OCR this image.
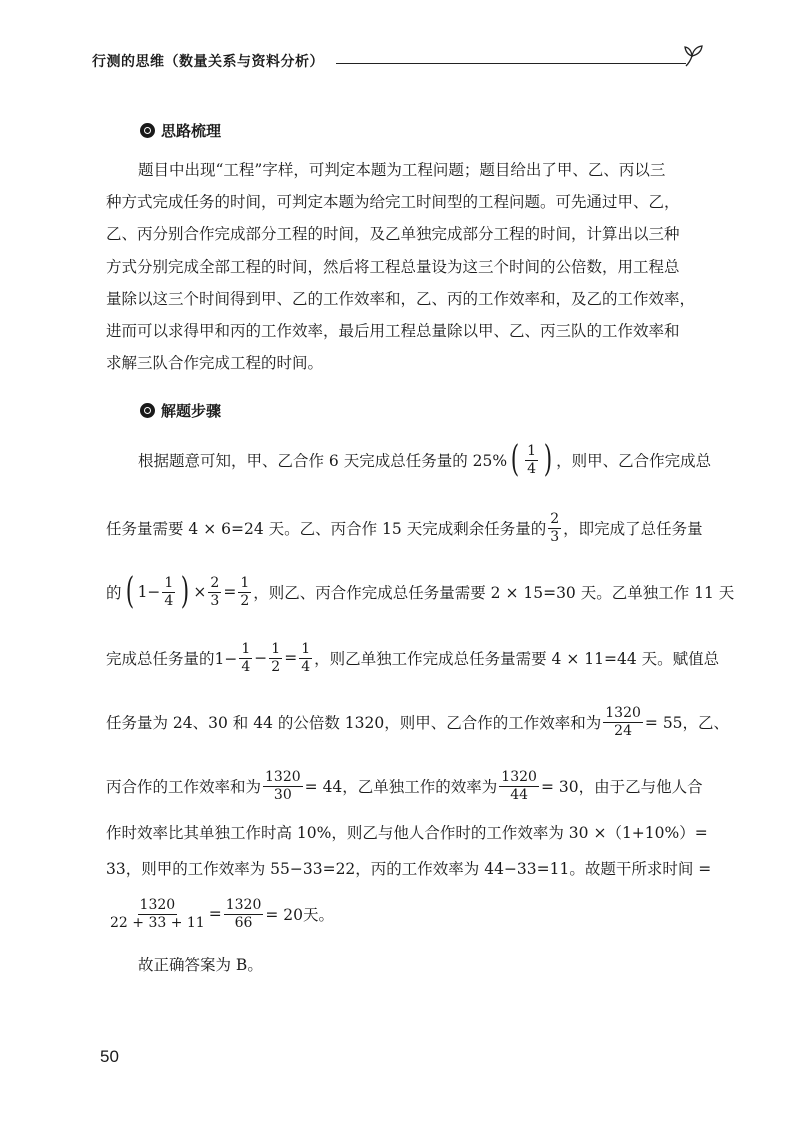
行测的思维（数量关系与资料分析）
思路梳理
题目中出现“工程”字样，可判定本题为工程问题；题目给出了甲、乙、丙以三
种方式完成任务的时间，可判定本题为给完工时间型的工程问题。可先通过甲、乙，
乙、丙分别合作完成部分工程的时间，及乙单独完成部分工程的时间，计算出以三种
方式分别完成全部工程的时间，然后将工程总量设为这三个时间的公倍数，用工程总
量除以这三个时间得到甲、乙的工作效率和，乙、丙的工作效率和，及乙的工作效率，
进而可以求得甲和丙的工作效率，最后用工程总量除以甲、乙、丙三队的工作效率和
求解三队合作完成工程的时间。
解题步骤
根据题意可知，甲、乙合作 6 天完成总任务量的 25% ( $\frac{1}{4}$ ) ，则甲、乙合作完成总
任务量需要 4 × 6=24 天。乙、丙合作 15 天完成剩余任务量的 $\frac{2}{3}$ ，即完成了总任务量
的 ( $1- \frac{1}{4}$ ) × $\frac{2}{3} = \frac{1}{2}$ ，则乙、丙合作完成总任务量需要 2 × 15=30 天。乙单独工作 11 天
完成总任务量的$1- \frac{1}{4} - \frac{1}{2} = \frac{1}{4}$ ，则乙单独工作完成总任务量需要 4 × 11=44 天。赋值总
任务量为 24、30 和 44 的公倍数 1320，则甲、乙合作的工作效率和为 $\frac{1320}{24} = 55$，乙、
丙合作的工作效率和为 $\frac{1320}{30} = 44$，乙单独工作的效率为 $\frac{1320}{44} = 30$，由于乙与他人合
作时效率比其单独工作时高 10%，则乙与他人合作时的工作效率为 30 ×（1+10%）=
33，则甲的工作效率为 55−33=22，丙的工作效率为 44−33=11。故题干所求时间 =
$\frac{1320}{22 + 33 + 11} = \frac{1320}{66} = 20$天。
故正确答案为 B。
50
